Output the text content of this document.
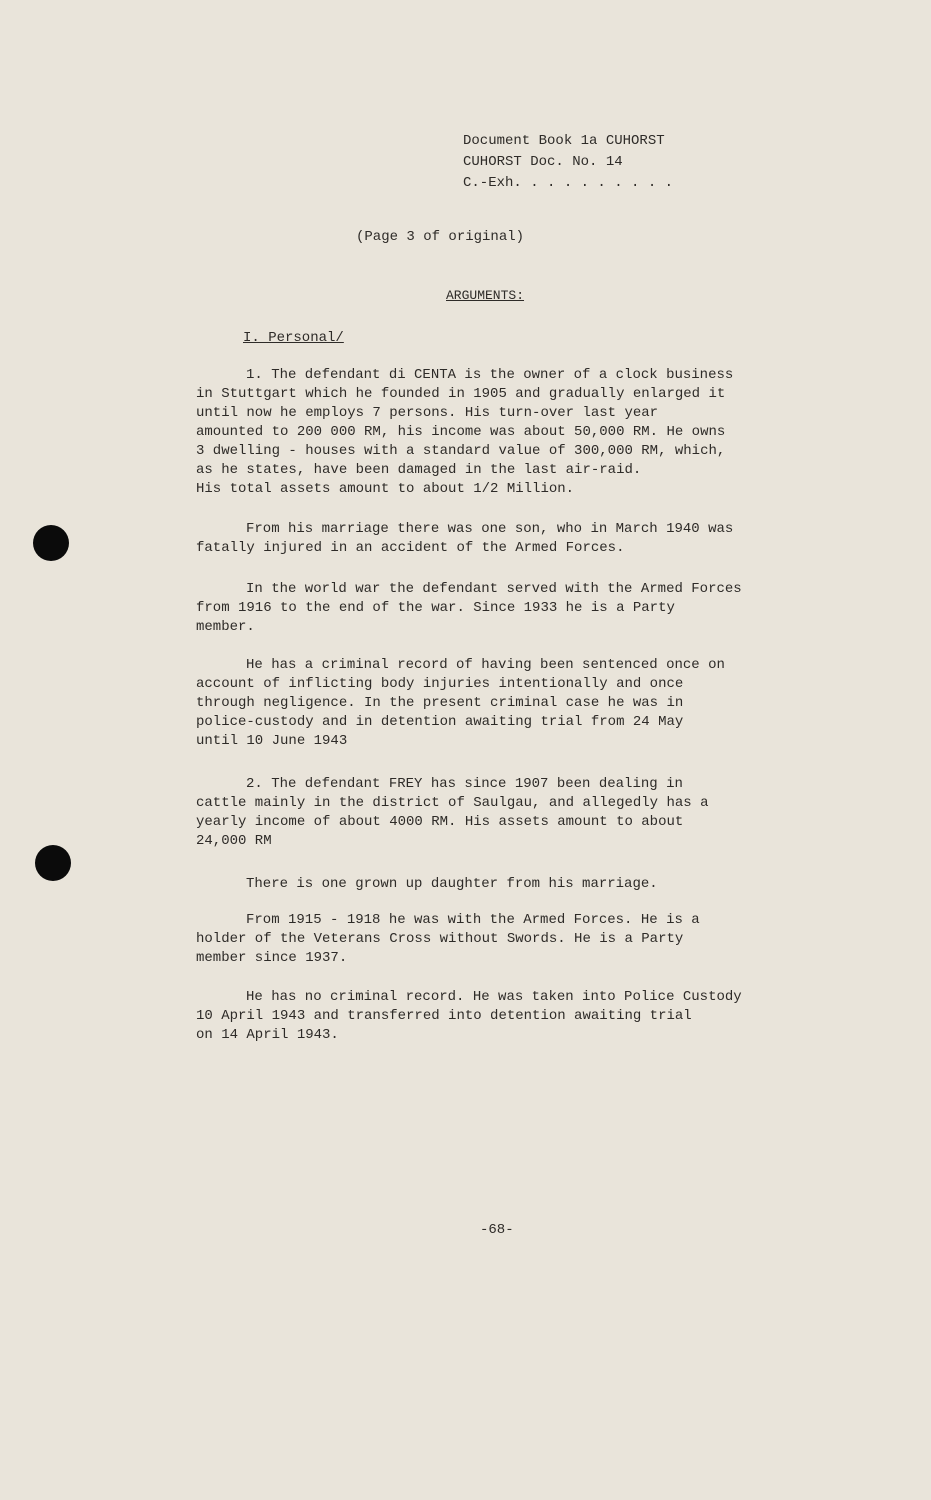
Document Book 1a CUHORST
CUHORST Doc. No. 14
C.-Exh. . . . . . . . . .
(Page 3 of original)
ARGUMENTS:
I. Personal/
1. The defendant di CENTA is the owner of a clock business
in Stuttgart which he founded in 1905 and gradually enlarged it
until now he employs 7 persons. His turn-over last year
amounted to 200 000 RM, his income was about 50,000 RM. He owns
3 dwelling - houses with a standard value of 300,000 RM, which,
as he states, have been damaged in the last air-raid.
His total assets amount to about 1/2 Million.
From his marriage there was one son, who in March 1940 was
fatally injured in an accident of the Armed Forces.
In the world war the defendant served with the Armed Forces
from 1916 to the end of the war. Since 1933 he is a Party
member.
He has a criminal record of having been sentenced once on
account of inflicting body injuries intentionally and once
through negligence. In the present criminal case he was in
police-custody and in detention awaiting trial from 24 May
until 10 June 1943
2. The defendant FREY has since 1907 been dealing in
cattle mainly in the district of Saulgau, and allegedly has a
yearly income of about 4000 RM. His assets amount to about
24,000 RM
There is one grown up daughter from his marriage.
From 1915 - 1918 he was with the Armed Forces. He is a
holder of the Veterans Cross without Swords. He is a Party
member since 1937.
He has no criminal record. He was taken into Police Custody
10 April 1943 and transferred into detention awaiting trial
on 14 April 1943.
-68-
